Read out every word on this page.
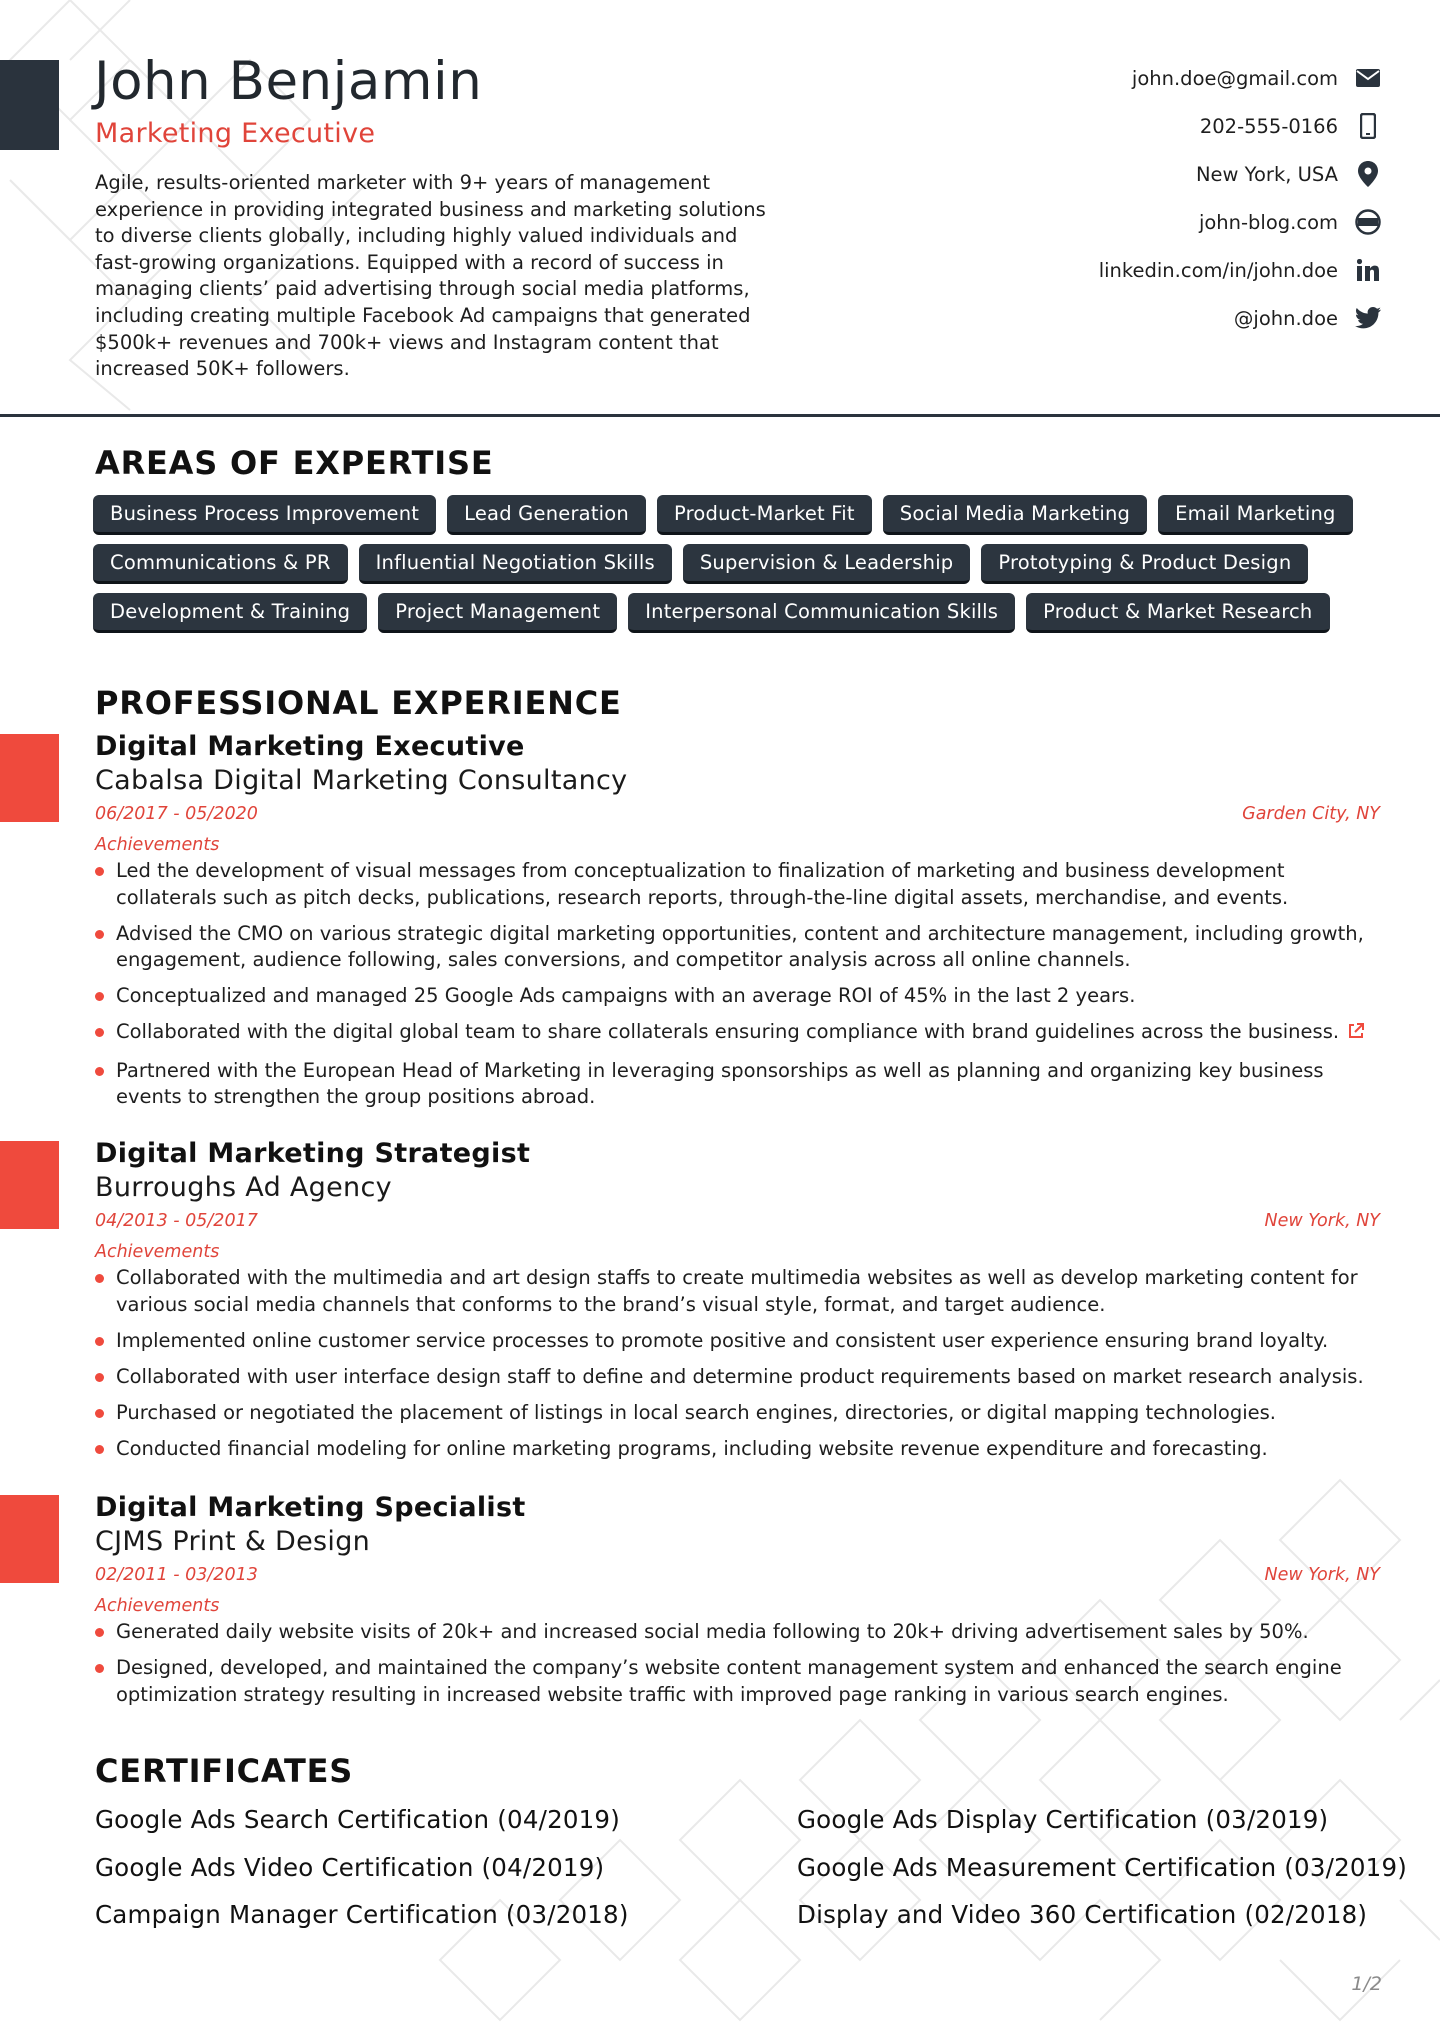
John Benjamin
Marketing Executive
Agile, results-oriented marketer with 9+ years of management experience in providing integrated business and marketing solutions to diverse clients globally, including highly valued individuals and fast-growing organizations. Equipped with a record of success in managing clients’ paid advertising through social media platforms, including creating multiple Facebook Ad campaigns that generated $500k+ revenues and 700k+ views and Instagram content that increased 50K+ followers.
john.doe@gmail.com
202-555-0166
New York, USA
john-blog.com
linkedin.com/in/john.doe
@john.doe
AREAS OF EXPERTISE
Business Process Improvement	Lead Generation	Product-Market Fit	Social Media Marketing	Email Marketing
Communications & PR	Influential Negotiation Skills	Supervision & Leadership	Prototyping & Product Design
Development & Training	Project Management	Interpersonal Communication Skills	Product & Market Research
PROFESSIONAL EXPERIENCE
Digital Marketing Executive
Cabalsa Digital Marketing Consultancy
06/2017 - 05/2020	Garden City, NY
Achievements
Led the development of visual messages from conceptualization to finalization of marketing and business development collaterals such as pitch decks, publications, research reports, through-the-line digital assets, merchandise, and events.
Advised the CMO on various strategic digital marketing opportunities, content and architecture management, including growth, engagement, audience following, sales conversions, and competitor analysis across all online channels.
Conceptualized and managed 25 Google Ads campaigns with an average ROI of 45% in the last 2 years.
Collaborated with the digital global team to share collaterals ensuring compliance with brand guidelines across the business.
Partnered with the European Head of Marketing in leveraging sponsorships as well as planning and organizing key business events to strengthen the group positions abroad.
Digital Marketing Strategist
Burroughs Ad Agency
04/2013 - 05/2017	New York, NY
Achievements
Collaborated with the multimedia and art design staffs to create multimedia websites as well as develop marketing content for various social media channels that conforms to the brand’s visual style, format, and target audience.
Implemented online customer service processes to promote positive and consistent user experience ensuring brand loyalty.
Collaborated with user interface design staff to define and determine product requirements based on market research analysis.
Purchased or negotiated the placement of listings in local search engines, directories, or digital mapping technologies.
Conducted financial modeling for online marketing programs, including website revenue expenditure and forecasting.
Digital Marketing Specialist
CJMS Print & Design
02/2011 - 03/2013	New York, NY
Achievements
Generated daily website visits of 20k+ and increased social media following to 20k+ driving advertisement sales by 50%.
Designed, developed, and maintained the company’s website content management system and enhanced the search engine optimization strategy resulting in increased website traffic with improved page ranking in various search engines.
CERTIFICATES
Google Ads Search Certification (04/2019)
Google Ads Video Certification (04/2019)
Campaign Manager Certification (03/2018)
Google Ads Display Certification (03/2019)
Google Ads Measurement Certification (03/2019)
Display and Video 360 Certification (02/2018)
1/2
